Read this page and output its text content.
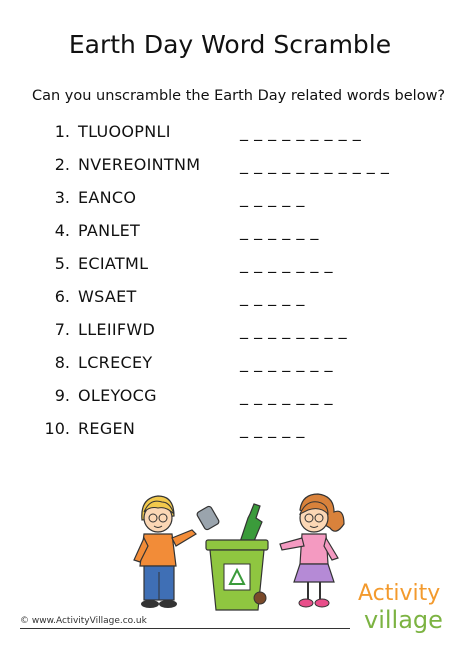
Earth Day Word Scramble

Can you unscramble the Earth Day related words below?

1. TLUOOPNLI	_ _ _ _ _ _ _ _ _
2. NVEREOINTNM _ _ _ _ _ _ _ _ _ _ _
3. EANCO	_ _ _ _ _
4. PANLET	_ _ _ _ _ _
5. ECIATML	_ _ _ _ _ _ _
6. WSAET	_ _ _ _ _
7. LLEIIFWD	_ _ _ _ _ _ _ _
8. LCRECEY	_ _ _ _ _ _ _
9. OLEYOCG	_ _ _ _ _ _ _
10. REGEN	_ _ _ _ _
© www.ActivityVillage.co.uk
Activity
village
